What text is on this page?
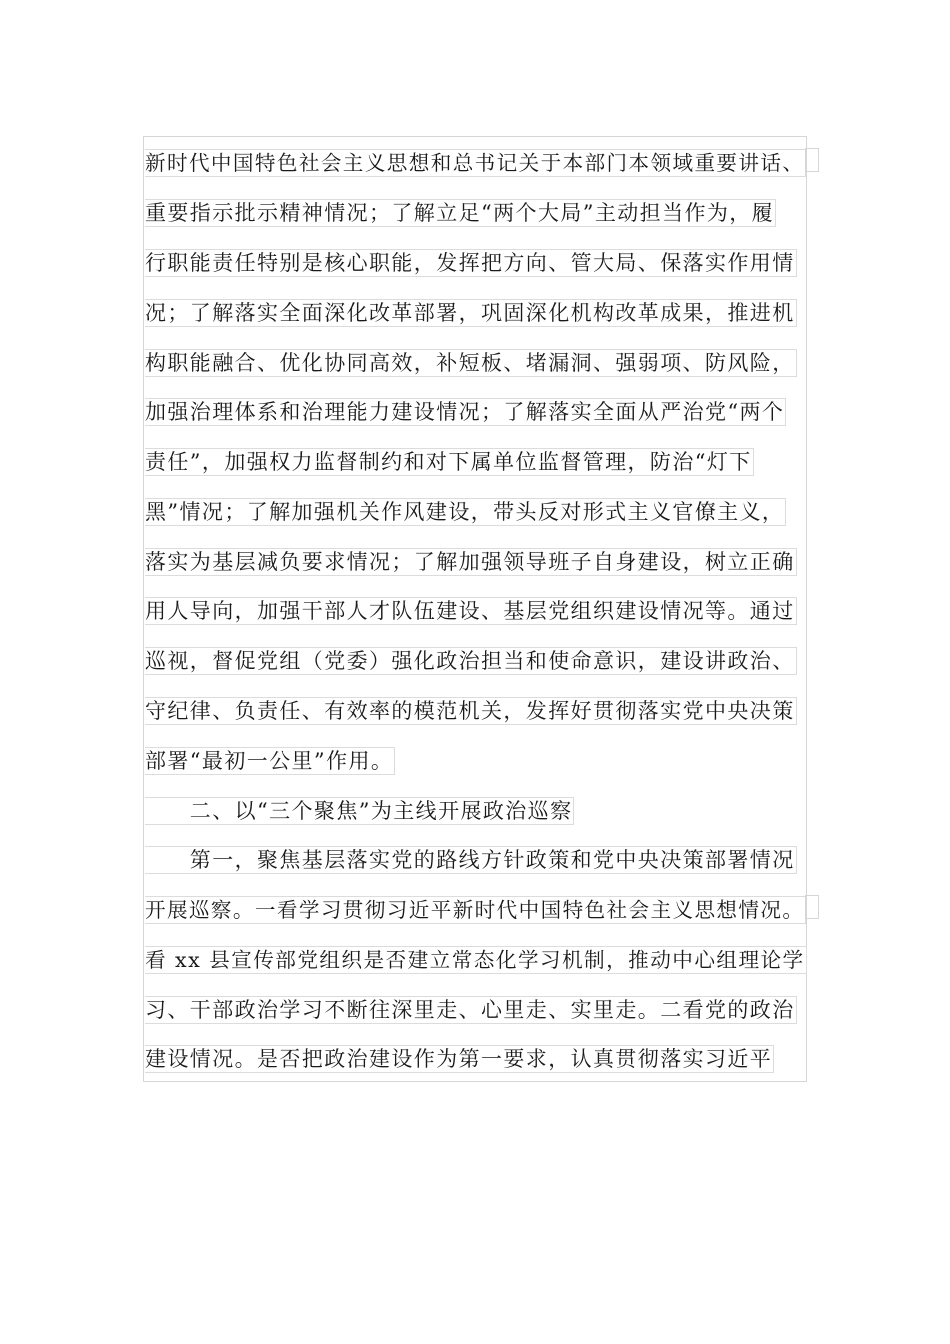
新时代中国特色社会主义思想和总书记关于本部门本领域重要讲话、
重要指示批示精神情况；了解立足“两个大局”主动担当作为，履
行职能责任特别是核心职能，发挥把方向、管大局、保落实作用情
况；了解落实全面深化改革部署，巩固深化机构改革成果，推进机
构职能融合、优化协同高效，补短板、堵漏洞、强弱项、防风险，
加强治理体系和治理能力建设情况；了解落实全面从严治党“两个
责任”，加强权力监督制约和对下属单位监督管理，防治“灯下
黑”情况；了解加强机关作风建设，带头反对形式主义官僚主义，
落实为基层减负要求情况；了解加强领导班子自身建设，树立正确
用人导向，加强干部人才队伍建设、基层党组织建设情况等。通过
巡视，督促党组（党委）强化政治担当和使命意识，建设讲政治、
守纪律、负责任、有效率的模范机关，发挥好贯彻落实党中央决策
部署“最初一公里”作用。
　　二、以“三个聚焦”为主线开展政治巡察
　　第一，聚焦基层落实党的路线方针政策和党中央决策部署情况
开展巡察。一看学习贯彻习近平新时代中国特色社会主义思想情况。
看 xx 县宣传部党组织是否建立常态化学习机制，推动中心组理论学
习、干部政治学习不断往深里走、心里走、实里走。二看党的政治
建设情况。是否把政治建设作为第一要求，认真贯彻落实习近平
